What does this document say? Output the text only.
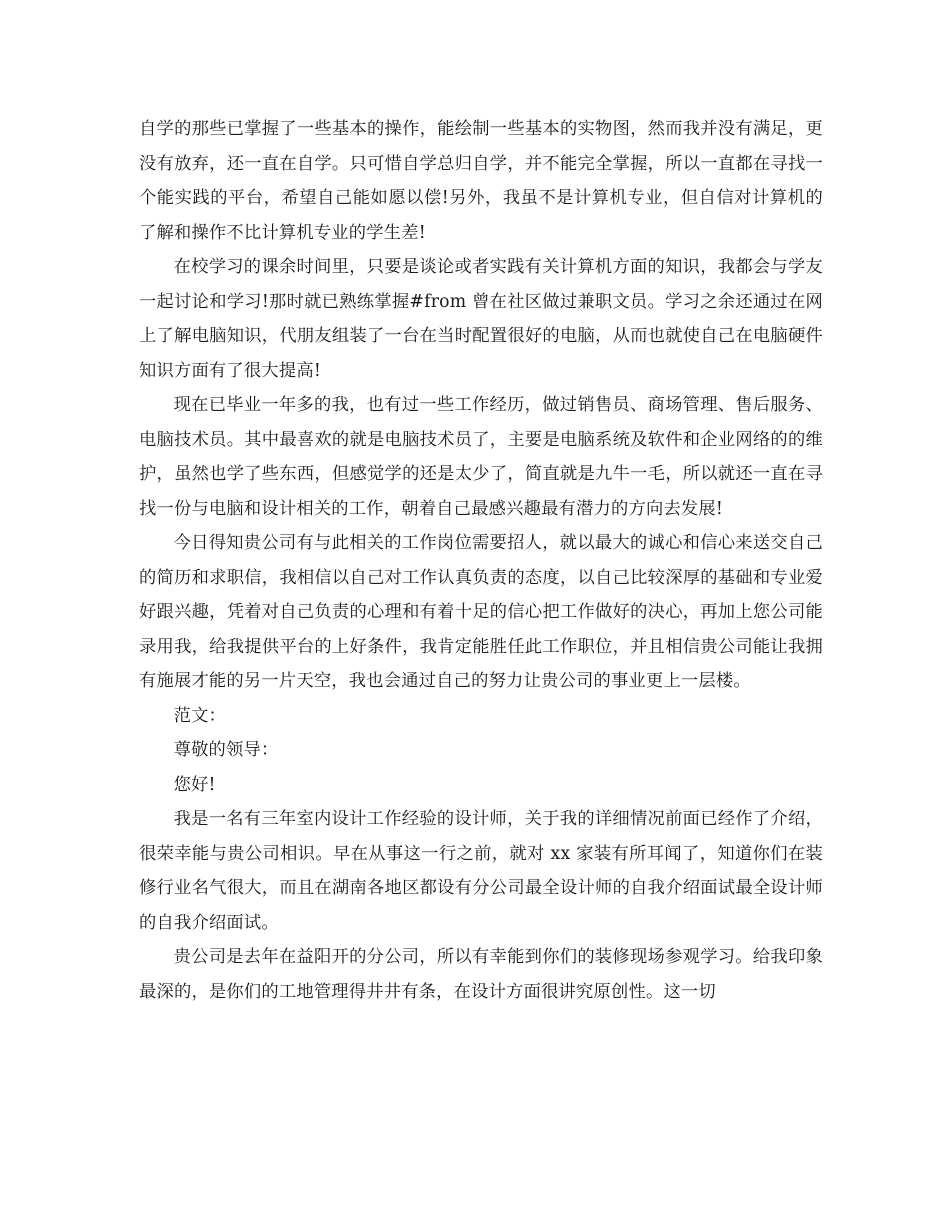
自学的那些已掌握了一些基本的操作，能绘制一些基本的实物图，然而我并没有满足，更没有放弃，还一直在自学。只可惜自学总归自学，并不能完全掌握，所以一直都在寻找一个能实践的平台，希望自己能如愿以偿!另外，我虽不是计算机专业，但自信对计算机的了解和操作不比计算机专业的学生差!

在校学习的课余时间里，只要是谈论或者实践有关计算机方面的知识，我都会与学友一起讨论和学习!那时就已熟练掌握#from 曾在社区做过兼职文员。学习之余还通过在网上了解电脑知识，代朋友组装了一台在当时配置很好的电脑，从而也就使自己在电脑硬件知识方面有了很大提高!

现在已毕业一年多的我，也有过一些工作经历，做过销售员、商场管理、售后服务、电脑技术员。其中最喜欢的就是电脑技术员了，主要是电脑系统及软件和企业网络的的维护，虽然也学了些东西，但感觉学的还是太少了，简直就是九牛一毛，所以就还一直在寻找一份与电脑和设计相关的工作，朝着自己最感兴趣最有潜力的方向去发展!

今日得知贵公司有与此相关的工作岗位需要招人，就以最大的诚心和信心来送交自己的简历和求职信，我相信以自己对工作认真负责的态度，以自己比较深厚的基础和专业爱好跟兴趣，凭着对自己负责的心理和有着十足的信心把工作做好的决心，再加上您公司能录用我，给我提供平台的上好条件，我肯定能胜任此工作职位，并且相信贵公司能让我拥有施展才能的另一片天空，我也会通过自己的努力让贵公司的事业更上一层楼。

范文：

尊敬的领导：

您好!

我是一名有三年室内设计工作经验的设计师，关于我的详细情况前面已经作了介绍，很荣幸能与贵公司相识。早在从事这一行之前，就对 xx 家装有所耳闻了，知道你们在装修行业名气很大，而且在湖南各地区都设有分公司最全设计师的自我介绍面试最全设计师的自我介绍面试。

贵公司是去年在益阳开的分公司，所以有幸能到你们的装修现场参观学习。给我印象最深的，是你们的工地管理得井井有条，在设计方面很讲究原创性。这一切
